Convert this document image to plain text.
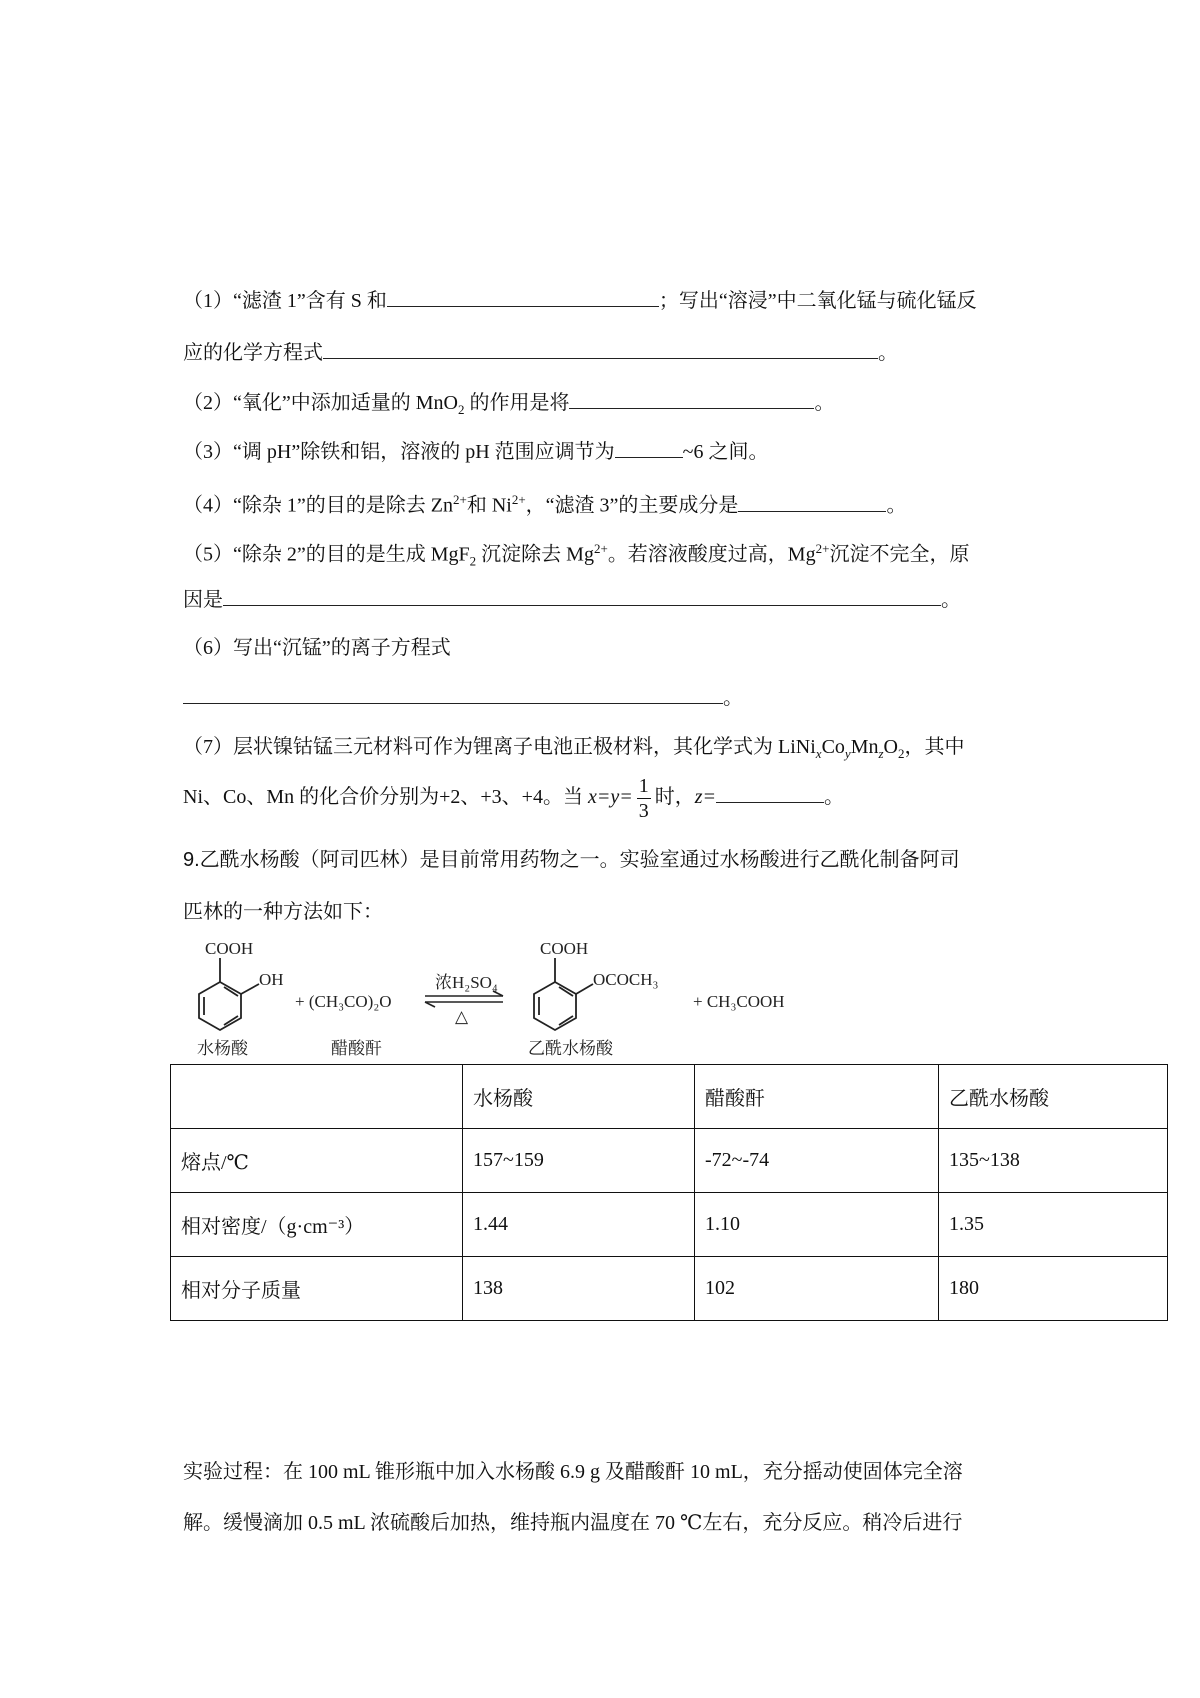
（1）“滤渣 1”含有 S 和	；写出“溶浸”中二氧化锰与硫化锰反
应的化学方程式	。
（2）“氧化”中添加适量的 MnO$_2$ 的作用是将	。
（3）“调 pH”除铁和铝，溶液的 pH 范围应调节为	~6 之间。
（4）“除杂 1”的目的是除去 $Zn^{2+}$和 $Ni^{2+}$，“滤渣 3”的主要成分是	。
（5）“除杂 2”的目的是生成 MgF$_2$ 沉淀除去 $Mg^{2+}$。若溶液酸度过高，$Mg^{2+}$沉淀不完全，原
因是	。
（6）写出“沉锰”的离子方程式
。
（7）层状镍钴锰三元材料可作为锂离子电池正极材料，其化学式为 $LiNi_xCo_yMn_zO_2$，其中
Ni、Co、Mn 的化合价分别为+2、+3、+4。当 $x=y= \frac{1}{3}$ 时，z=	。
9.乙酰水杨酸（阿司匹林）是目前常用药物之一。实验室通过水杨酸进行乙酰化制备阿司
匹林的一种方法如下：
COOH
OH
+ (CH₃CO)₂O
浓H₂SO₄
△
COOH
OCOCH₃
+ CH₃COOH
水杨酸	醋酸酐	乙酰水杨酸
	水杨酸	醋酸酐	乙酰水杨酸
熔点/℃	157~159	-72~-74	135~138
相对密度/（g·cm⁻³）	1.44	1.10	1.35
相对分子质量	138	102	180
实验过程：在 100 mL 锥形瓶中加入水杨酸 6.9 g 及醋酸酐 10 mL，充分摇动使固体完全溶
解。缓慢滴加 0.5 mL 浓硫酸后加热，维持瓶内温度在 70 ℃左右，充分反应。稍冷后进行
